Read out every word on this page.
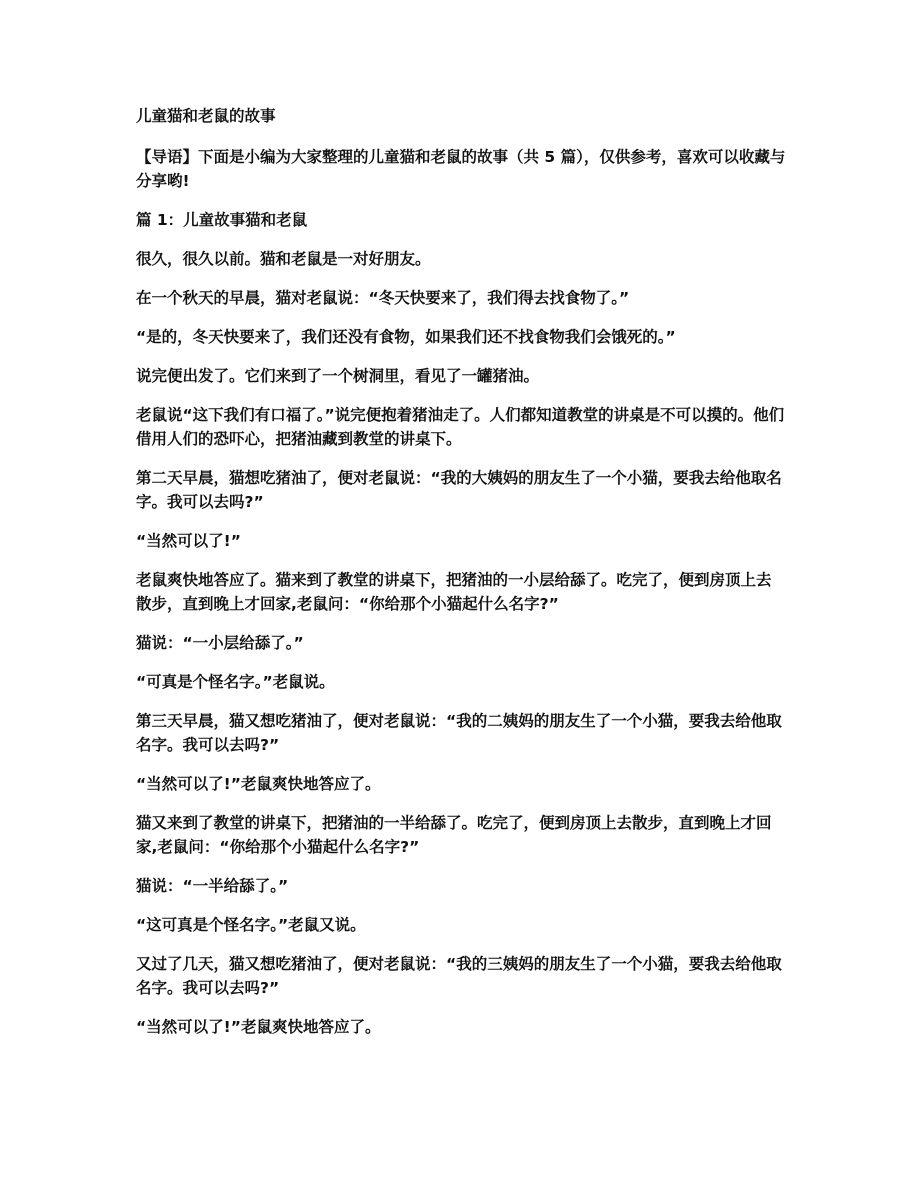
儿童猫和老鼠的故事

【导语】下面是小编为大家整理的儿童猫和老鼠的故事（共 5 篇），仅供参考，喜欢可以收藏与分享哟!

篇 1：儿童故事猫和老鼠

很久，很久以前。猫和老鼠是一对好朋友。

在一个秋天的早晨，猫对老鼠说：“冬天快要来了，我们得去找食物了。”

“是的，冬天快要来了，我们还没有食物，如果我们还不找食物我们会饿死的。”

说完便出发了。它们来到了一个树洞里，看见了一罐猪油。

老鼠说“这下我们有口福了。”说完便抱着猪油走了。人们都知道教堂的讲桌是不可以摸的。他们借用人们的恐吓心，把猪油藏到教堂的讲桌下。

第二天早晨，猫想吃猪油了，便对老鼠说：“我的大姨妈的朋友生了一个小猫，要我去给他取名字。我可以去吗?”

“当然可以了!”

老鼠爽快地答应了。猫来到了教堂的讲桌下，把猪油的一小层给舔了。吃完了，便到房顶上去散步，直到晚上才回家,老鼠问：“你给那个小猫起什么名字?”

猫说：“一小层给舔了。”

“可真是个怪名字。”老鼠说。

第三天早晨，猫又想吃猪油了，便对老鼠说：“我的二姨妈的朋友生了一个小猫，要我去给他取名字。我可以去吗?”

“当然可以了!”老鼠爽快地答应了。

猫又来到了教堂的讲桌下，把猪油的一半给舔了。吃完了，便到房顶上去散步，直到晚上才回家,老鼠问：“你给那个小猫起什么名字?”

猫说：“一半给舔了。”

“这可真是个怪名字。”老鼠又说。

又过了几天，猫又想吃猪油了，便对老鼠说：“我的三姨妈的朋友生了一个小猫，要我去给他取名字。我可以去吗?”

“当然可以了!”老鼠爽快地答应了。
